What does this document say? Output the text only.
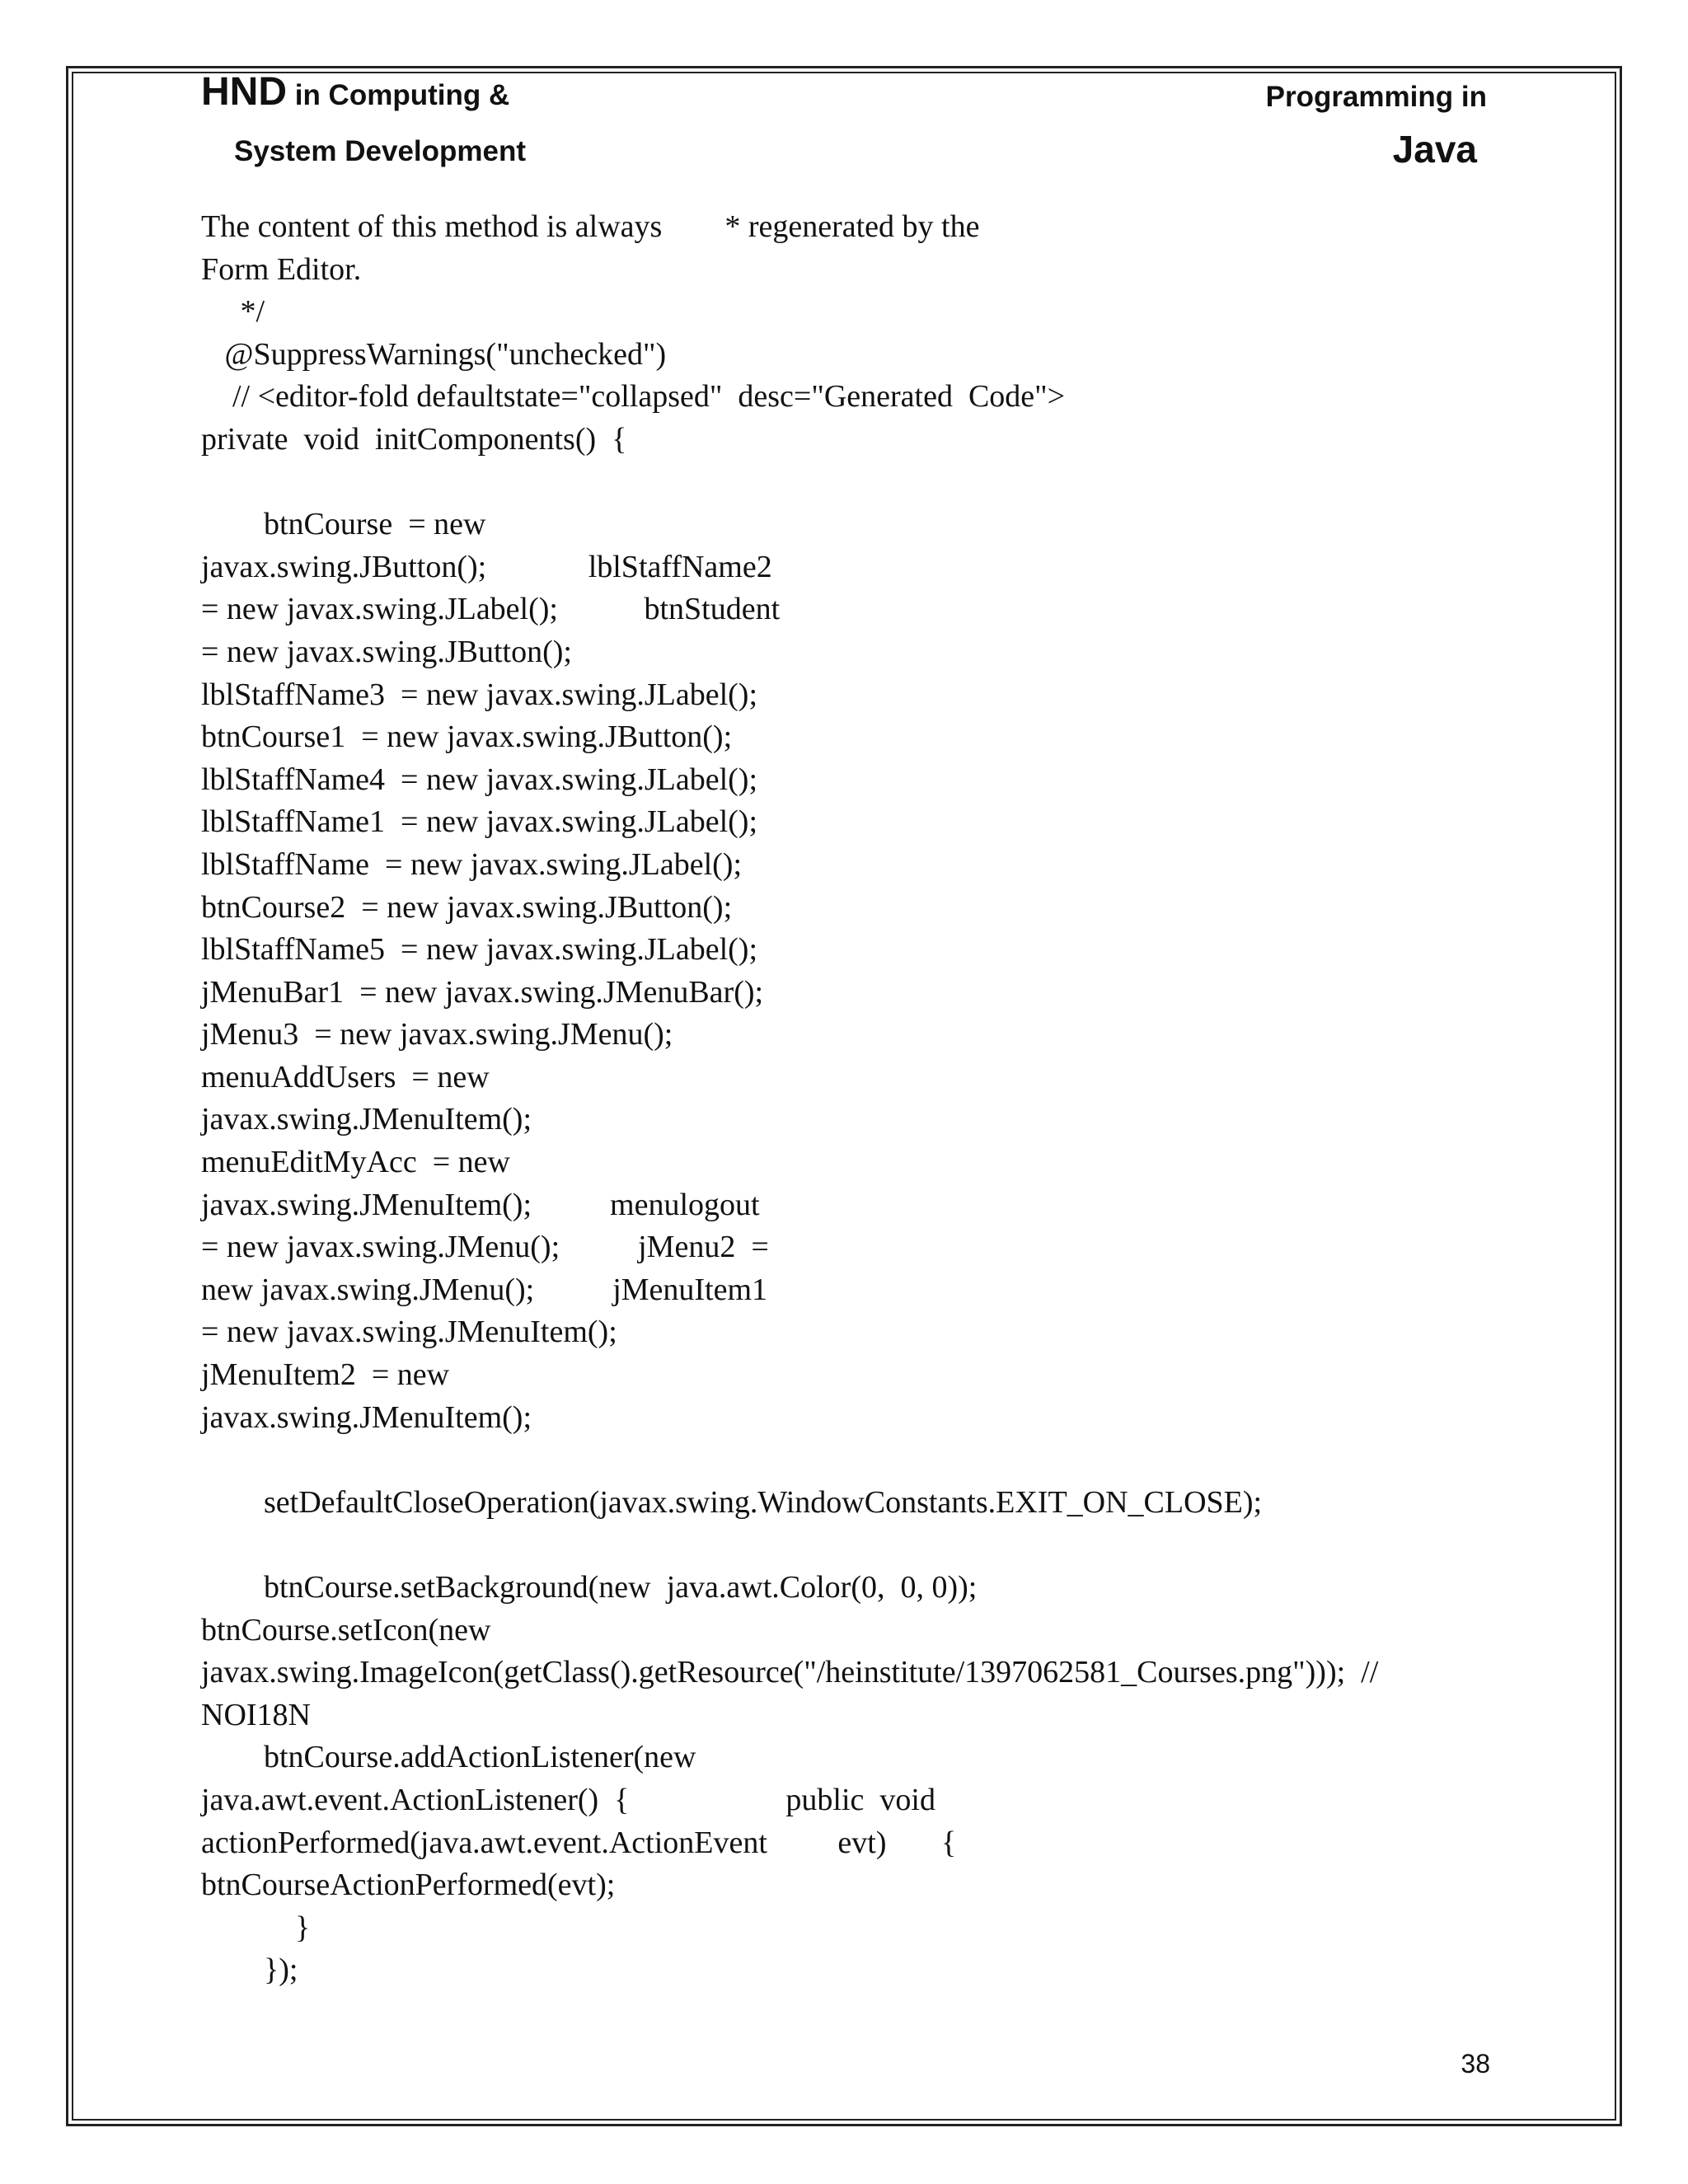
HND in Computing &
System Development
Programming in
Java
The content of this method is always        * regenerated by the
Form Editor.
*/
@SuppressWarnings("unchecked")
// <editor-fold defaultstate="collapsed"  desc="Generated  Code">
private  void  initComponents()  {
btnCourse  = new
javax.swing.JButton();             lblStaffName2
= new javax.swing.JLabel();           btnStudent
= new javax.swing.JButton();
lblStaffName3  = new javax.swing.JLabel();
btnCourse1  = new javax.swing.JButton();
lblStaffName4  = new javax.swing.JLabel();
lblStaffName1  = new javax.swing.JLabel();
lblStaffName  = new javax.swing.JLabel();
btnCourse2  = new javax.swing.JButton();
lblStaffName5  = new javax.swing.JLabel();
jMenuBar1  = new javax.swing.JMenuBar();
jMenu3  = new javax.swing.JMenu();
menuAddUsers  = new
javax.swing.JMenuItem();
menuEditMyAcc  = new
javax.swing.JMenuItem();          menulogout
= new javax.swing.JMenu();          jMenu2  =
new javax.swing.JMenu();          jMenuItem1
= new javax.swing.JMenuItem();
jMenuItem2  = new
javax.swing.JMenuItem();
setDefaultCloseOperation(javax.swing.WindowConstants.EXIT_ON_CLOSE);
btnCourse.setBackground(new  java.awt.Color(0,  0, 0));
btnCourse.setIcon(new
javax.swing.ImageIcon(getClass().getResource("/heinstitute/1397062581_Courses.png")));  //
NOI18N
btnCourse.addActionListener(new
java.awt.event.ActionListener()  {                    public  void
actionPerformed(java.awt.event.ActionEvent         evt)       {
btnCourseActionPerformed(evt);
}
});
38
